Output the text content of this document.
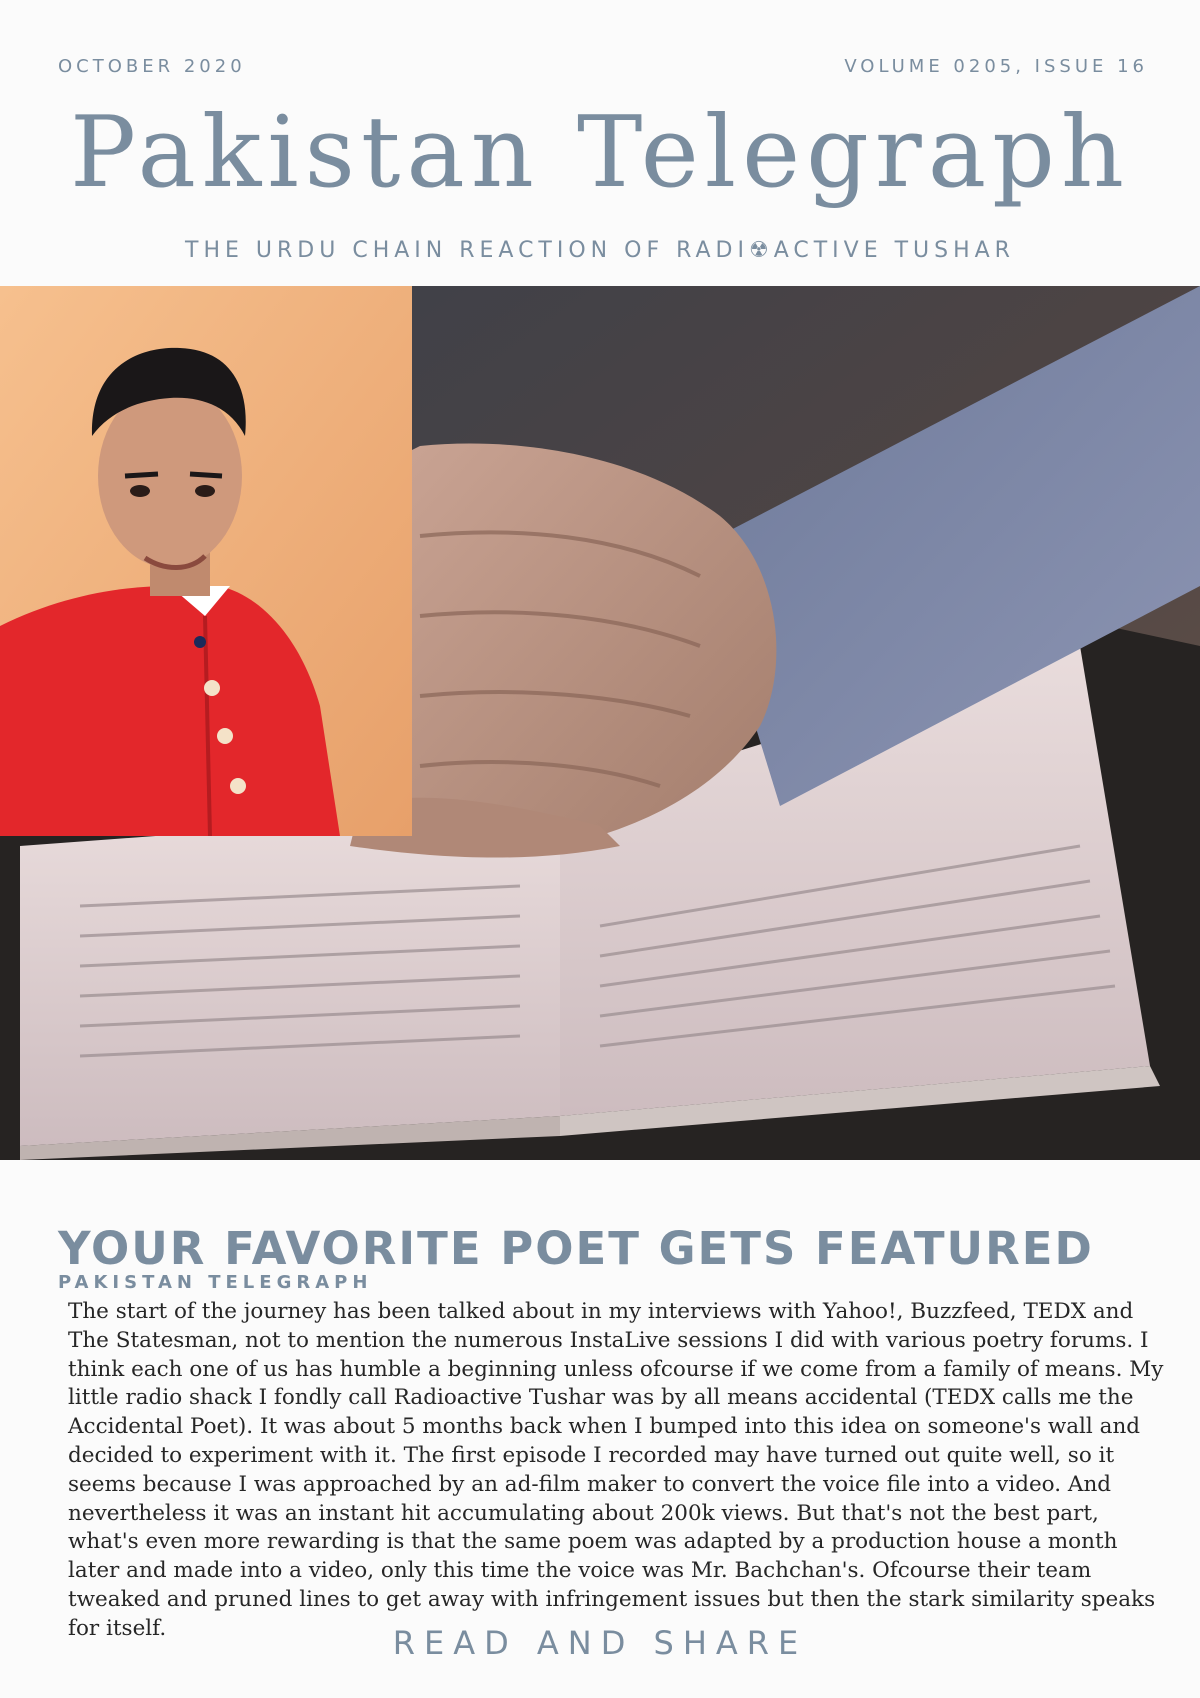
OCTOBER 2020	VOLUME 0205, ISSUE 16
Pakistan Telegraph
THE URDU CHAIN REACTION OF RADI☢ACTIVE TUSHAR
YOUR FAVORITE POET GETS FEATURED
PAKISTAN TELEGRAPH

The start of the journey has been talked about in my interviews with Yahoo!, Buzzfeed, TEDX and The Statesman, not to mention the numerous InstaLive sessions I did with various poetry forums. I think each one of us has humble a beginning unless ofcourse if we come from a family of means. My little radio shack I fondly call Radioactive Tushar was by all means accidental (TEDX calls me the Accidental Poet). It was about 5 months back when I bumped into this idea on someone's wall and decided to experiment with it. The first episode I recorded may have turned out quite well, so it seems because I was approached by an ad-film maker to convert the voice file into a video. And nevertheless it was an instant hit accumulating about 200k views. But that's not the best part, what's even more rewarding is that the same poem was adapted by a production house a month later and made into a video, only this time the voice was Mr. Bachchan's. Ofcourse their team tweaked and pruned lines to get away with infringement issues but then the stark similarity speaks for itself.	READ AND SHARE
